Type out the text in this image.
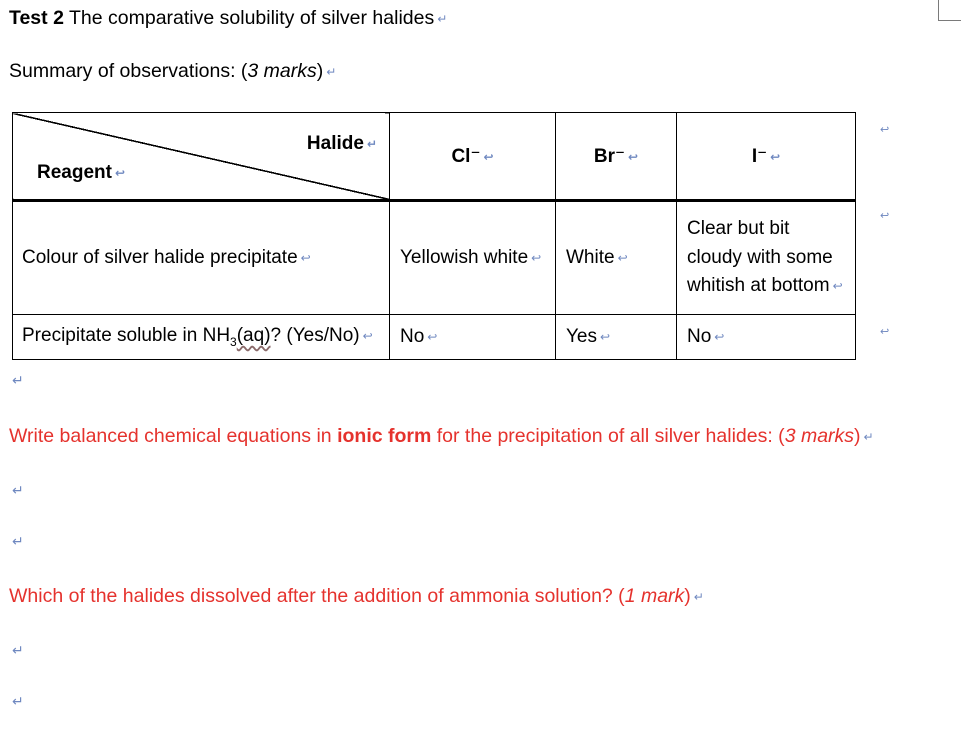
Test 2 The comparative solubility of silver halides ↵
Summary of observations: (3 marks) ↵
Halide ↵
Reagent ↩	Cl⁻ ↩	Br⁻ ↩	I⁻ ↩
Colour of silver halide precipitate ↩	Yellowish white ↩	White ↩	Clear but bit cloudy with some whitish at bottom ↩
Precipitate soluble in $NH_3(aq)$? (Yes/No) ↩	No ↩	Yes ↩	No ↩
↩
↩
↩
↵
Write balanced chemical equations in ionic form for the precipitation of all silver halides: (3 marks) ↵
↵
↵
Which of the halides dissolved after the addition of ammonia solution? (1 mark) ↵
↵
↵
